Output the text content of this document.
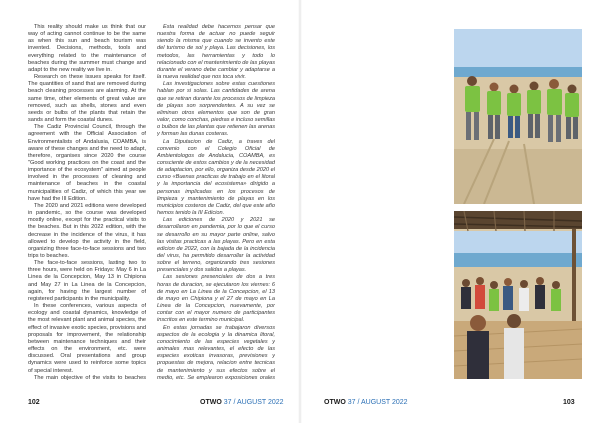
This reality should make us think that our way of acting cannot continue to be the same as when this sun and beach tourism was invented. Decisions, methods, tools and everything related to the maintenance of beaches during the summer must change and adapt to the new reality we live in.

Research on these issues speaks for itself. The quantities of sand that are removed during beach cleaning processes are alarming. At the same time, other elements of great value are removed, such as shells, stones and even seeds or bulbs of the plants that retain the sands and form the coastal dunes.

The Cadiz Provincial Council, through the agreement with the Official Association of Environmentalists of Andalusia, COAMBA, is aware of these changes and the need to adapt, therefore, organises since 2020 the course "Good working practices on the coast and the importance of the ecosystem" aimed at people involved in the processes of cleaning and maintenance of beaches in the coastal municipalities of Cadiz, of which this year we have had the III Edition.

The 2020 and 2021 editions were developed in pandemic, so the course was developed mostly online, except for the practical visits to the beaches. But in this 2022 edition, with the decrease in the incidence of the virus, it has allowed to develop the activity in the field, organizing three face-to-face sessions and two trips to beaches.

The face-to-face sessions, lasting two to three hours, were held on Fridays: May 6 in La Linea de la Concepcion, May 13 in Chipiona and May 27 in La Linea de la Concepcion, again, for having the largest number of registered participants in the municipality.

In these conferences, various aspects of ecology and coastal dynamics, knowledge of the most relevant plant and animal species, the effect of invasive exotic species, provisions and proposals for improvement, the relationship between maintenance techniques and their effects on the environment, etc. were discussed. Oral presentations and group dynamics were used to reinforce some topics of special interest.

The main objective of the visits to beaches

Esta realidad debe hacernos pensar que nuestra forma de actuar no puede seguir siendo la misma que cuando se invento este del turismo de sol y playa. Las decisiones, los metodos, las herramientas y todo lo relacionado con el mantenimiento de las playas durante el verano debe cambiar y adaptarse a la nueva realidad que nos toca vivir.

Las investigaciones sobre estas cuestiones hablan por si solas. Las cantidades de arena que se retiran durante los procesos de limpieza de playas son sorprendentes. A su vez se eliminan otros elementos que son de gran valor, como conchas, piedras e incluso semillas o bulbos de las plantas que retienen las arenas y forman las dunas costeras.

La Diputacion de Cadiz, a traves del convenio con el Colegio Oficial de Ambientologos de Andalucia, COAMBA, es consciente de estos cambios y de la necesidad de adaptacion, por ello, organiza desde 2020 el curso «Buenas practicas de trabajo en el litoral y la importancia del ecosistema» dirigido a personas implicadas en los procesos de limpieza y mantenimiento de playas en los municipios costeros de Cadiz, del que este año hemos tenido la III Edicion.

Las ediciones de 2020 y 2021 se desarrollaron en pandemia, por lo que el curso se desarrollo en su mayor parte online, salvo las visitas practicas a las playas. Pero en esta edicion de 2022, con la bajada de la incidencia del virus, ha permitido desarrollar la actividad sobre el terreno, organizando tres sesiones presenciales y dos salidas a playas.

Las sesiones presenciales de dos a tres horas de duracion, se ejecutaron los viernes: 6 de mayo en La Linea de la Concepcion, el 13 de mayo en Chipiona y el 27 de mayo en La Linea de la Concepcion, nuevamente, por contar con el mayor numero de participantes inscritos en este termino municipal.

En estas jornadas se trabajaron diversos aspectos de la ecologia y la dinamica litoral, conocimiento de las especies vegetales y animales mas relevantes, el efecto de las especies exoticas invasoras, previsiones y propuestas de mejora, relacion entre tecnicas de mantenimiento y sus efectos sobre el medio, etc. Se emplearon exposiciones orales

102	OTWO 37 / AUGUST 2022	OTWO 37 / AUGUST 2022	103
